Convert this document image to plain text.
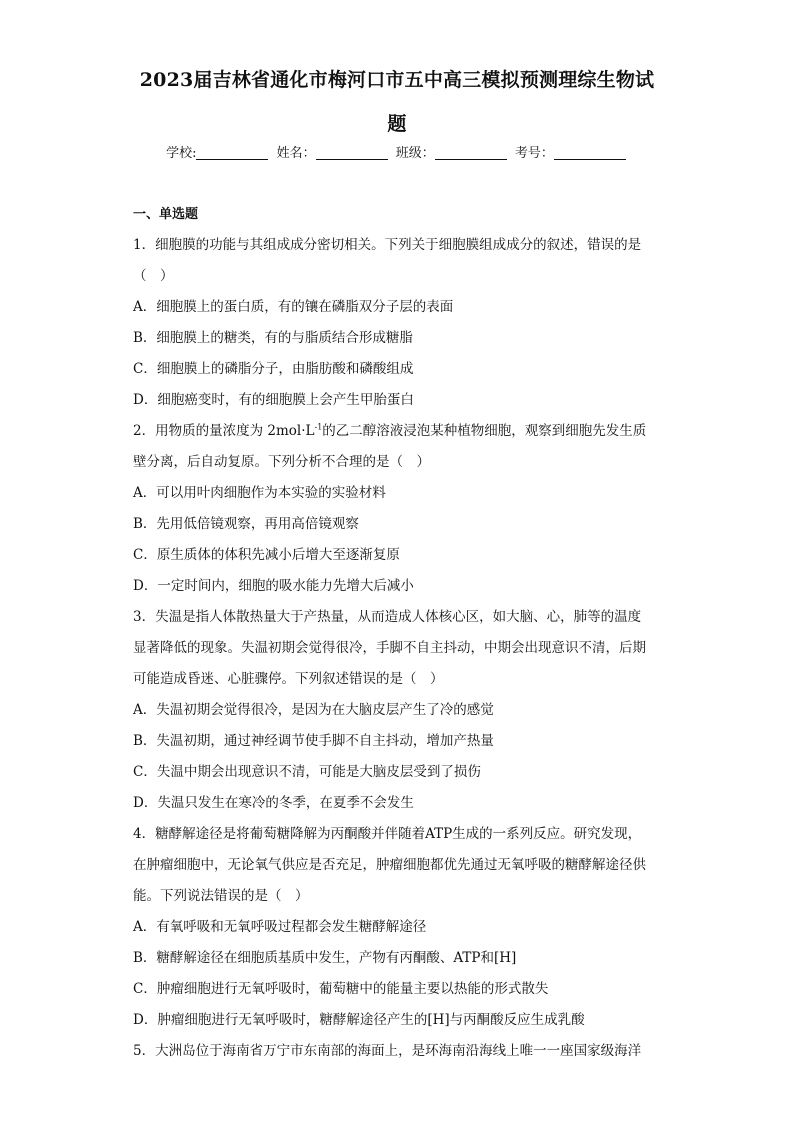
2023届吉林省通化市梅河口市五中高三模拟预测理综生物试
题
学校:	姓名：	班级：	考号：
一、单选题
1．细胞膜的功能与其组成成分密切相关。下列关于细胞膜组成成分的叙述，错误的是
（　）
A．细胞膜上的蛋白质，有的镶在磷脂双分子层的表面
B．细胞膜上的糖类，有的与脂质结合形成糖脂
C．细胞膜上的磷脂分子，由脂肪酸和磷酸组成
D．细胞癌变时，有的细胞膜上会产生甲胎蛋白
2．用物质的量浓度为 $2mol\cdot L^{-1}$的乙二醇溶液浸泡某种植物细胞，观察到细胞先发生质
壁分离，后自动复原。下列分析不合理的是（　）
A．可以用叶肉细胞作为本实验的实验材料
B．先用低倍镜观察，再用高倍镜观察
C．原生质体的体积先减小后增大至逐渐复原
D．一定时间内，细胞的吸水能力先增大后减小
3．失温是指人体散热量大于产热量，从而造成人体核心区，如大脑、心，肺等的温度
显著降低的现象。失温初期会觉得很冷，手脚不自主抖动，中期会出现意识不清，后期
可能造成昏迷、心脏骤停。下列叙述错误的是（　）
A．失温初期会觉得很冷，是因为在大脑皮层产生了冷的感觉
B．失温初期，通过神经调节使手脚不自主抖动，增加产热量
C．失温中期会出现意识不清，可能是大脑皮层受到了损伤
D．失温只发生在寒冷的冬季，在夏季不会发生
4．糖酵解途径是将葡萄糖降解为丙酮酸并伴随着ATP生成的一系列反应。研究发现，
在肿瘤细胞中，无论氧气供应是否充足，肿瘤细胞都优先通过无氧呼吸的糖酵解途径供
能。下列说法错误的是（　）
A．有氧呼吸和无氧呼吸过程都会发生糖酵解途径
B．糖酵解途径在细胞质基质中发生，产物有丙酮酸、ATP和[H]
C．肿瘤细胞进行无氧呼吸时，葡萄糖中的能量主要以热能的形式散失
D．肿瘤细胞进行无氧呼吸时，糖酵解途径产生的[H]与丙酮酸反应生成乳酸
5．大洲岛位于海南省万宁市东南部的海面上，是环海南沿海线上唯一一座国家级海洋
